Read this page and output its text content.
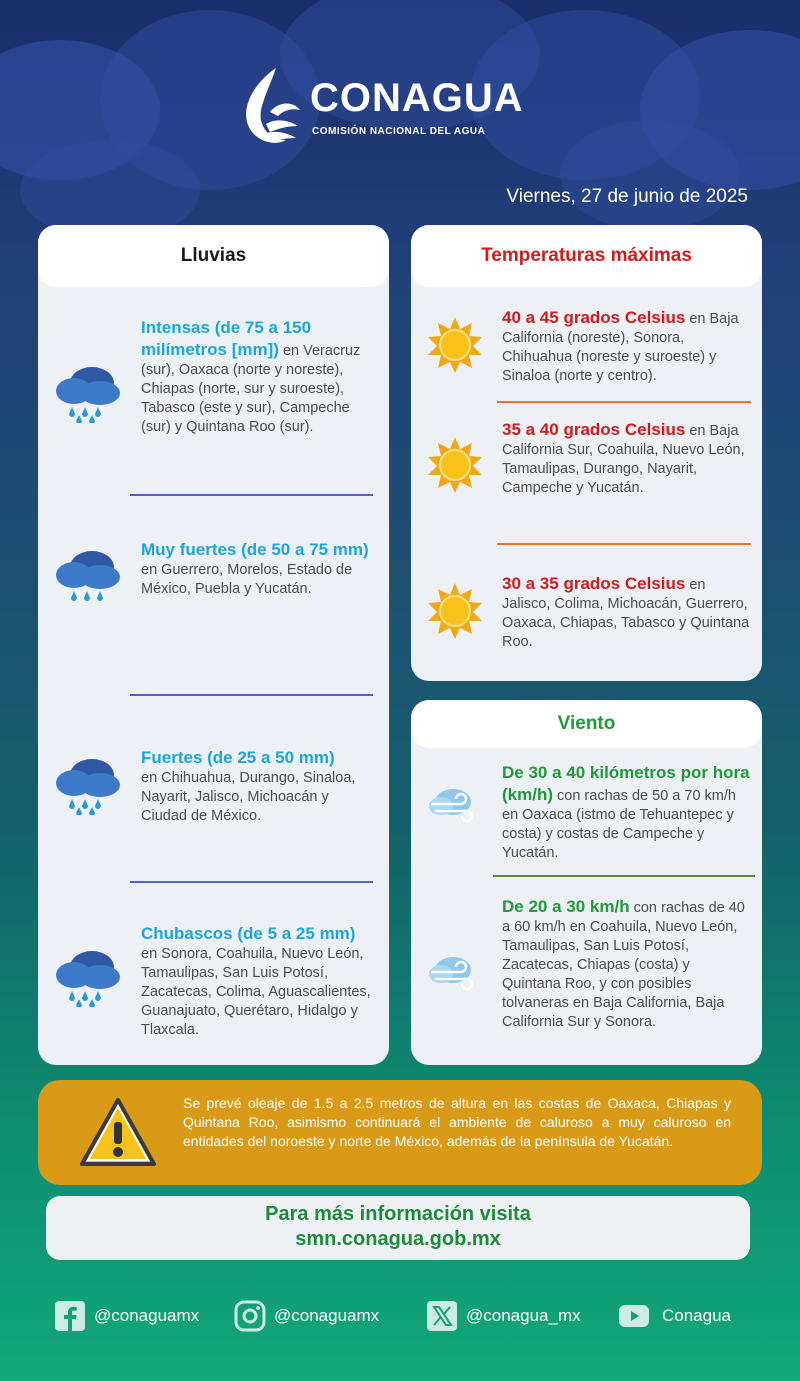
CONAGUA
COMISIÓN NACIONAL DEL AGUA
Viernes, 27 de junio de 2025
Lluvias
Intensas (de 75 a 150 milímetros [mm]) en Veracruz (sur), Oaxaca (norte y noreste), Chiapas (norte, sur y suroeste), Tabasco (este y sur), Campeche (sur) y Quintana Roo (sur).
Muy fuertes (de 50 a 75 mm) en Guerrero, Morelos, Estado de México, Puebla y Yucatán.
Fuertes (de 25 a 50 mm)
en Chihuahua, Durango, Sinaloa, Nayarit, Jalisco, Michoacán y Ciudad de México.
Chubascos (de 5 a 25 mm)
en Sonora, Coahuila, Nuevo León, Tamaulipas, San Luis Potosí, Zacatecas, Colima, Aguascalientes, Guanajuato, Querétaro, Hidalgo y Tlaxcala.
Temperaturas máximas
40 a 45 grados Celsius en Baja California (noreste), Sonora, Chihuahua (noreste y suroeste) y Sinaloa (norte y centro).
35 a 40 grados Celsius en Baja California Sur, Coahuila, Nuevo León, Tamaulipas, Durango, Nayarit, Campeche y Yucatán.
30 a 35 grados Celsius en Jalisco, Colima, Michoacán, Guerrero, Oaxaca, Chiapas, Tabasco y Quintana Roo.
Viento
De 30 a 40 kilómetros por hora (km/h) con rachas de 50 a 70 km/h en Oaxaca (istmo de Tehuantepec y costa) y costas de Campeche y Yucatán.
De 20 a 30 km/h con rachas de 40 a 60 km/h en Coahuila, Nuevo León, Tamaulipas, San Luis Potosí, Zacatecas, Chiapas (costa) y Quintana Roo, y con posibles tolvaneras en Baja California, Baja California Sur y Sonora.
Se prevé oleaje de 1.5 a 2.5 metros de altura en las costas de Oaxaca, Chiapas y Quintana Roo, asimismo continuará el ambiente de caluroso a muy caluroso en entidades del noroeste y norte de México, además de la península de Yucatán.
Para más información visita
smn.conagua.gob.mx
@conaguamx	@conaguamx	@conagua_mx	Conagua
